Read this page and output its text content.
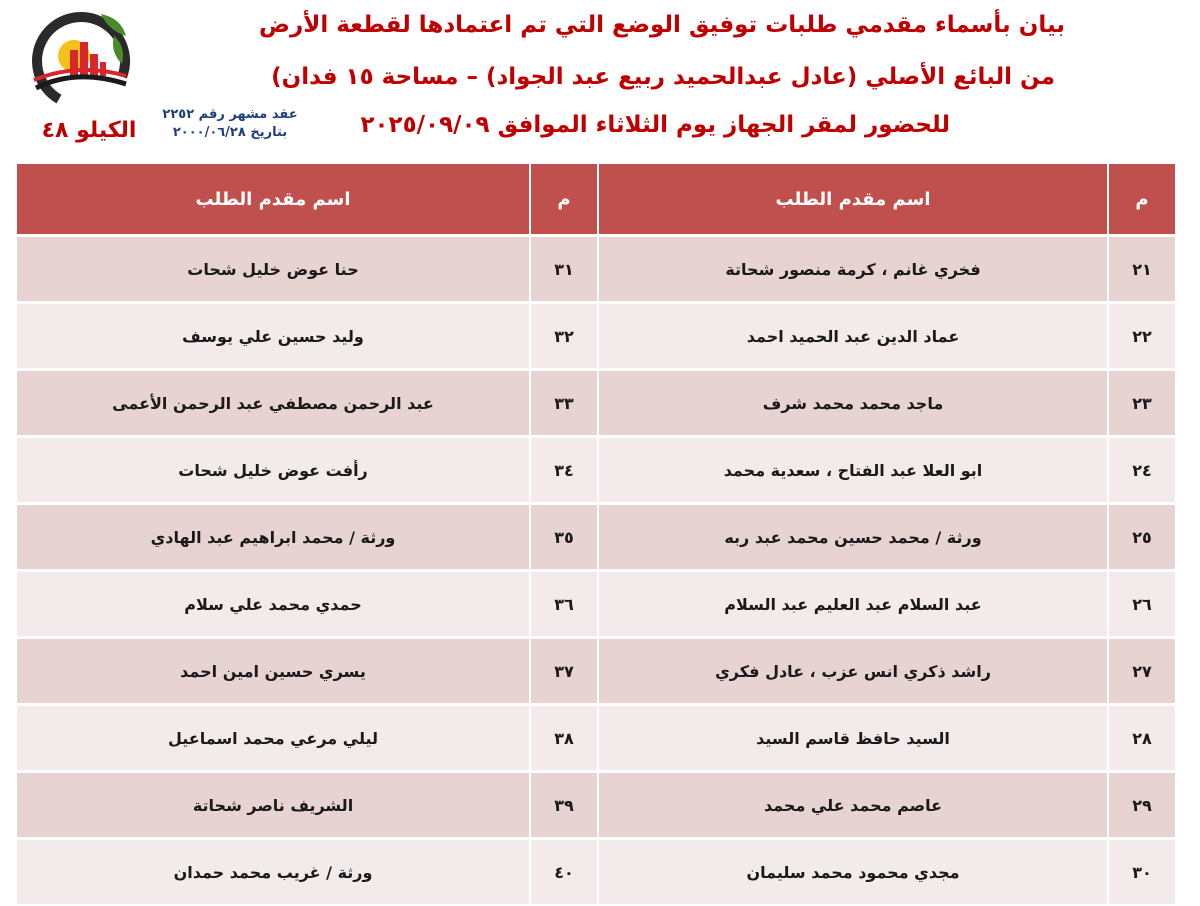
بيان بأسماء مقدمي طلبات توفيق الوضع التي تم اعتمادها لقطعة الأرض
من البائع الأصلي (عادل عبدالحميد ربيع عبد الجواد) – مساحة ١٥ فدان)
للحضور لمقر الجهاز يوم الثلاثاء الموافق ٢٠٢٥/٠٩/٠٩
الكيلو ٤٨
عقد مشهر رقم ٢٢٥٢
بتاريخ ٢٠٠٠/٠٦/٢٨
م	اسم مقدم الطلب	م	اسم مقدم الطلب
٢١	فخري غانم ، كرمة منصور شحاتة	٣١	حنا عوض خليل شحات
٢٢	عماد الدين عبد الحميد احمد	٣٢	وليد حسين علي يوسف
٢٣	ماجد محمد محمد شرف	٣٣	عبد الرحمن مصطفي عبد الرحمن الأعمى
٢٤	ابو العلا عبد الفتاح ، سعدية محمد	٣٤	رأفت عوض خليل شحات
٢٥	ورثة / محمد حسين محمد عبد ربه	٣٥	ورثة / محمد ابراهيم عبد الهادي
٢٦	عبد السلام عبد العليم عبد السلام	٣٦	حمدي محمد علي سلام
٢٧	راشد ذكري انس عزب ، عادل فكري	٣٧	يسري حسين امين احمد
٢٨	السيد حافظ قاسم السيد	٣٨	ليلي مرعي محمد اسماعيل
٢٩	عاصم محمد علي محمد	٣٩	الشريف ناصر شحاتة
٣٠	مجدي محمود محمد سليمان	٤٠	ورثة / غريب محمد حمدان
